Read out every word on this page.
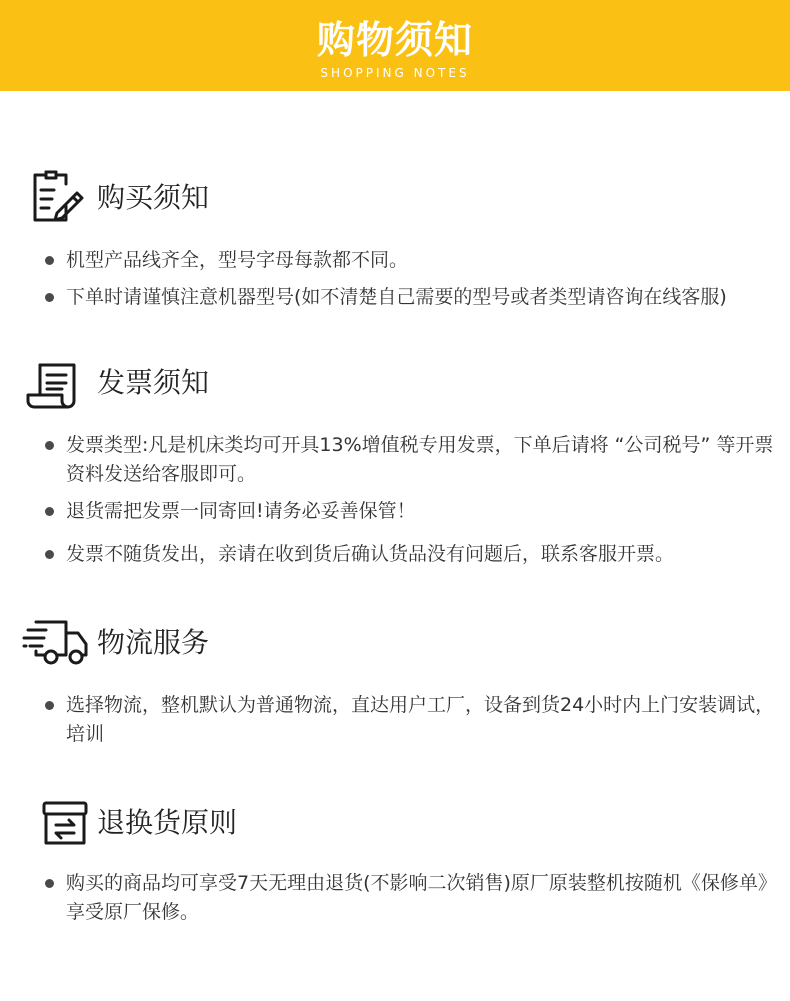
购物须知
SHOPPING NOTES
购买须知
机型产品线齐全，型号字母每款都不同。
下单时请谨慎注意机器型号(如不清楚自己需要的型号或者类型请咨询在线客服)
发票须知
发票类型:凡是机床类均可开具13%增值税专用发票，下单后请将 “公司税号” 等开票资料发送给客服即可。
退货需把发票一同寄回!请务必妥善保管！
发票不随货发出，亲请在收到货后确认货品没有问题后，联系客服开票。
物流服务
选择物流，整机默认为普通物流，直达用户工厂，设备到货24小时内上门安装调试，培训
退换货原则
购买的商品均可享受7天无理由退货(不影响二次销售)原厂原装整机按随机《保修单》享受原厂保修。
